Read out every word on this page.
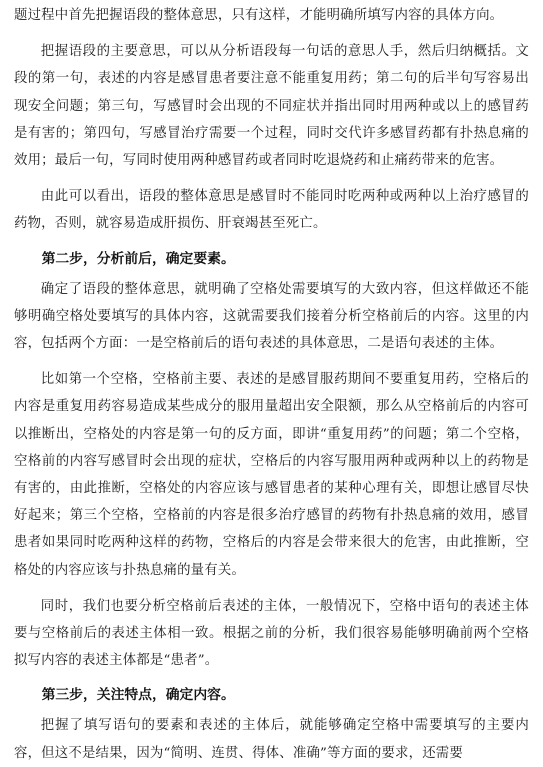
题过程中首先把握语段的整体意思，只有这样，才能明确所填写内容的具体方向。

把握语段的主要意思，可以从分析语段每一句话的意思人手，然后归纳概括。文段的第一句，表述的内容是感冒患者要注意不能重复用药；第二句的后半句写容易出现安全问题；第三句，写感冒时会出现的不同症状并指出同时用两种或以上的感冒药是有害的；第四句，写感冒治疗需要一个过程，同时交代许多感冒药都有扑热息痛的效用；最后一句，写同时使用两种感冒药或者同时吃退烧药和止痛药带来的危害。

由此可以看出，语段的整体意思是感冒时不能同时吃两种或两种以上治疗感冒的药物，否则，就容易造成肝损伤、肝衰竭甚至死亡。

第二步，分析前后，确定要素。

确定了语段的整体意思，就明确了空格处需要填写的大致内容，但这样做还不能够明确空格处要填写的具体内容，这就需要我们接着分析空格前后的内容。这里的内容，包括两个方面：一是空格前后的语句表述的具体意思，二是语句表述的主体。

比如第一个空格，空格前主要、表述的是感冒服药期间不要重复用药，空格后的内容是重复用药容易造成某些成分的服用量超出安全限额，那么从空格前后的内容可以推断出，空格处的内容是第一句的反方面，即讲“重复用药”的问题；第二个空格，空格前的内容写感冒时会出现的症状，空格后的内容写服用两种或两种以上的药物是有害的，由此推断，空格处的内容应该与感冒患者的某种心理有关，即想让感冒尽快好起来；第三个空格，空格前的内容是很多治疗感冒的药物有扑热息痛的效用，感冒患者如果同时吃两种这样的药物，空格后的内容是会带来很大的危害，由此推断，空格处的内容应该与扑热息痛的量有关。

同时，我们也要分析空格前后表述的主体，一般情况下，空格中语句的表述主体要与空格前后的表述主体相一致。根据之前的分析，我们很容易能够明确前两个空格拟写内容的表述主体都是“患者”。

第三步，关注特点，确定内容。

把握了填写语句的要素和表述的主体后，就能够确定空格中需要填写的主要内容，但这不是结果，因为“简明、连贯、得体、准确”等方面的要求，还需要
